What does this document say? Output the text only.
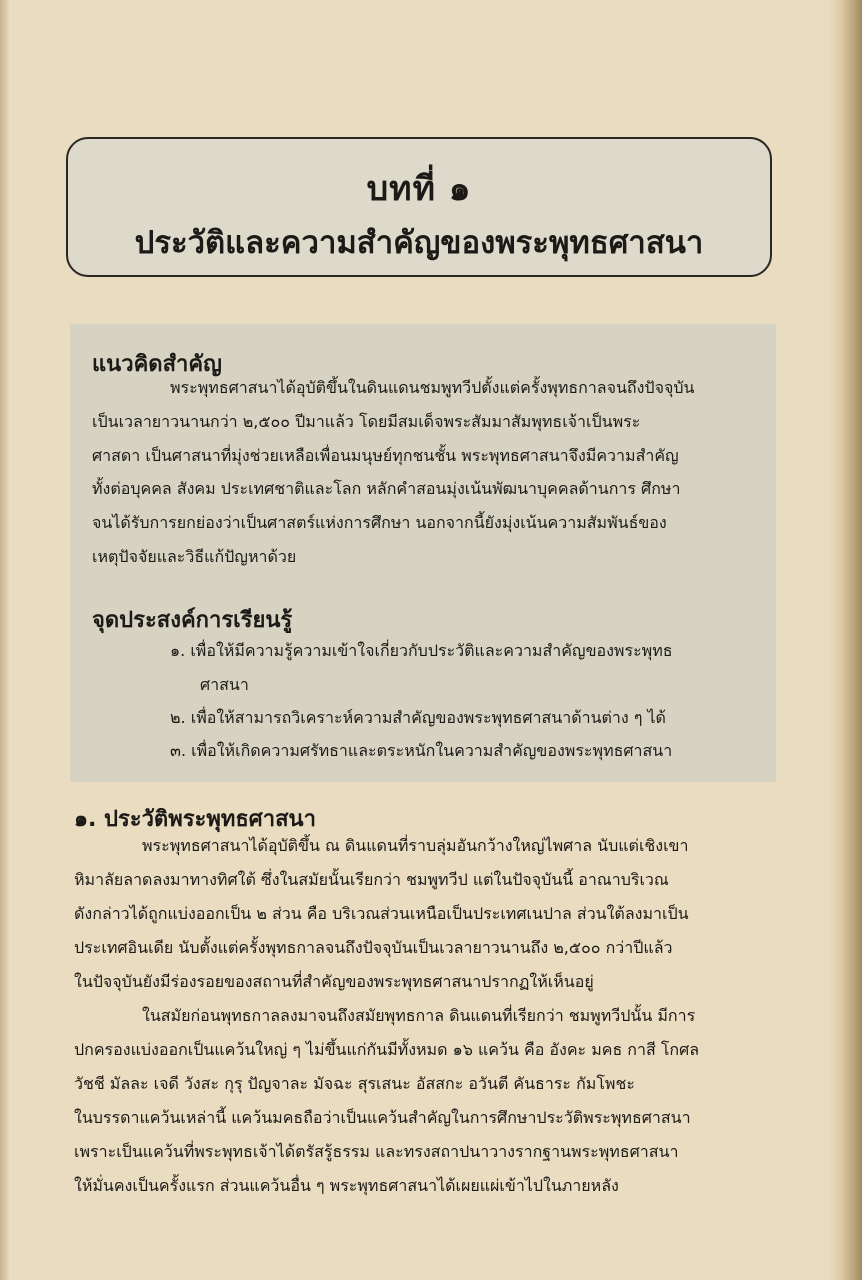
บทที่ ๑
ประวัติและความสำคัญของพระพุทธศาสนา
แนวคิดสำคัญ
พระพุทธศาสนาได้อุบัติขึ้นในดินแดนชมพูทวีปตั้งแต่ครั้งพุทธกาลจนถึงปัจจุบัน
เป็นเวลายาวนานกว่า ๒,๕๐๐ ปีมาแล้ว โดยมีสมเด็จพระสัมมาสัมพุทธเจ้าเป็นพระ
ศาสดา เป็นศาสนาที่มุ่งช่วยเหลือเพื่อนมนุษย์ทุกชนชั้น พระพุทธศาสนาจึงมีความสำคัญ
ทั้งต่อบุคคล สังคม ประเทศชาติและโลก หลักคำสอนมุ่งเน้นพัฒนาบุคคลด้านการ ศึกษา
จนได้รับการยกย่องว่าเป็นศาสตร์แห่งการศึกษา นอกจากนี้ยังมุ่งเน้นความสัมพันธ์ของ
เหตุปัจจัยและวิธีแก้ปัญหาด้วย
จุดประสงค์การเรียนรู้
๑. เพื่อให้มีความรู้ความเข้าใจเกี่ยวกับประวัติและความสำคัญของพระพุทธ
ศาสนา
๒. เพื่อให้สามารถวิเคราะห์ความสำคัญของพระพุทธศาสนาด้านต่าง ๆ ได้
๓. เพื่อให้เกิดความศรัทธาและตระหนักในความสำคัญของพระพุทธศาสนา
๑. ประวัติพระพุทธศาสนา
พระพุทธศาสนาได้อุบัติขึ้น ณ ดินแดนที่ราบลุ่มอันกว้างใหญ่ไพศาล นับแต่เชิงเขา
หิมาลัยลาดลงมาทางทิศใต้ ซึ่งในสมัยนั้นเรียกว่า ชมพูทวีป แต่ในปัจจุบันนี้ อาณาบริเวณ
ดังกล่าวได้ถูกแบ่งออกเป็น ๒ ส่วน คือ บริเวณส่วนเหนือเป็นประเทศเนปาล ส่วนใต้ลงมาเป็น
ประเทศอินเดีย นับตั้งแต่ครั้งพุทธกาลจนถึงปัจจุบันเป็นเวลายาวนานถึง ๒,๕๐๐ กว่าปีแล้ว
ในปัจจุบันยังมีร่องรอยของสถานที่สำคัญของพระพุทธศาสนาปรากฏให้เห็นอยู่
ในสมัยก่อนพุทธกาลลงมาจนถึงสมัยพุทธกาล ดินแดนที่เรียกว่า ชมพูทวีปนั้น มีการ
ปกครองแบ่งออกเป็นแคว้นใหญ่ ๆ ไม่ขึ้นแก่กันมีทั้งหมด ๑๖ แคว้น คือ อังคะ มคธ กาสี โกศล
วัชชี มัลละ เจดี วังสะ กุรุ ปัญจาละ มัจฉะ สุรเสนะ อัสสกะ อวันตี คันธาระ กัมโพชะ
ในบรรดาแคว้นเหล่านี้ แคว้นมคธถือว่าเป็นแคว้นสำคัญในการศึกษาประวัติพระพุทธศาสนา
เพราะเป็นแคว้นที่พระพุทธเจ้าได้ตรัสรู้ธรรม และทรงสถาปนาวางรากฐานพระพุทธศาสนา
ให้มั่นคงเป็นครั้งแรก ส่วนแคว้นอื่น ๆ พระพุทธศาสนาได้เผยแผ่เข้าไปในภายหลัง
